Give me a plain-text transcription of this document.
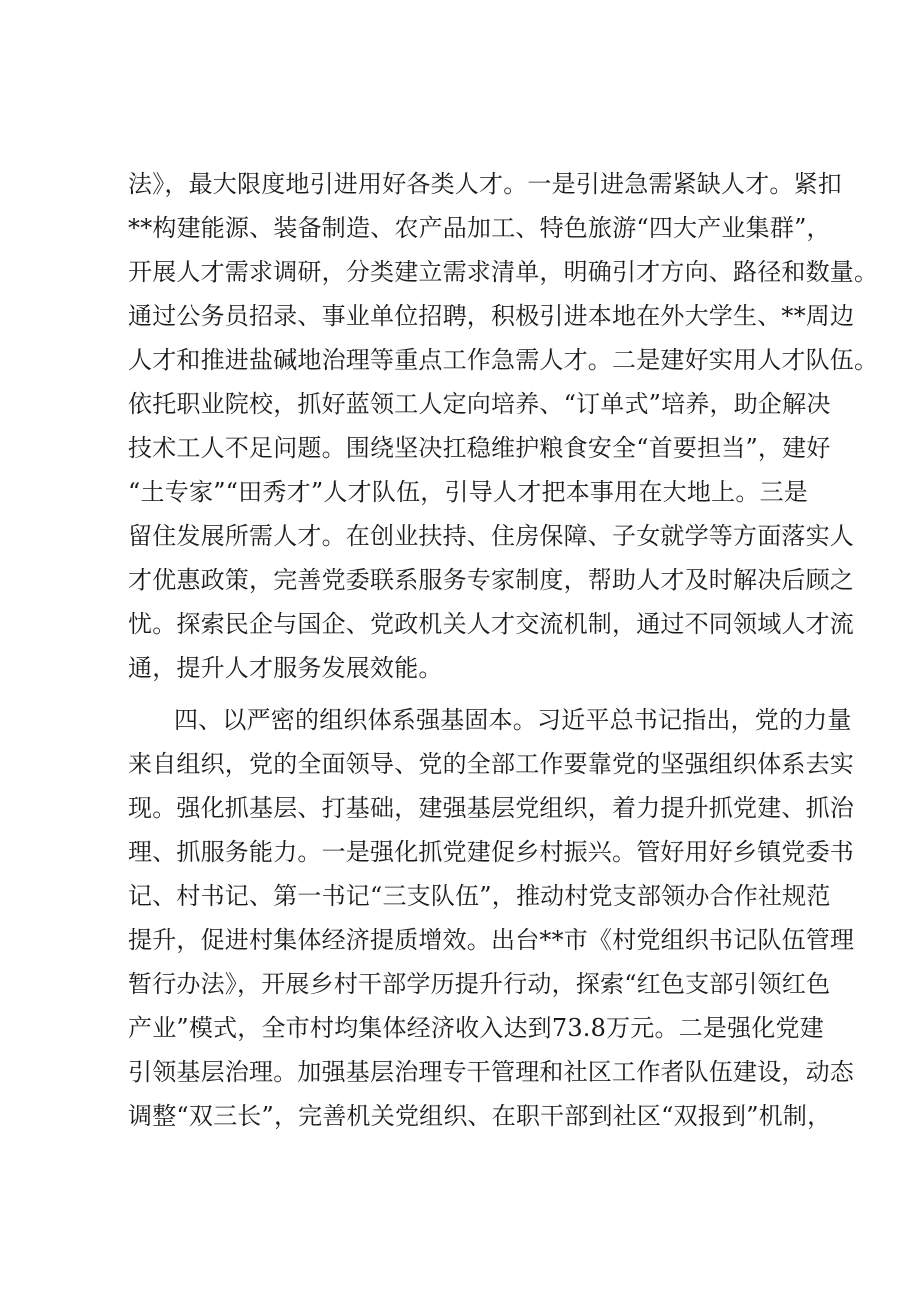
法》，最大限度地引进用好各类人才。一是引进急需紧缺人才。紧扣
**构建能源、装备制造、农产品加工、特色旅游“四大产业集群”，
开展人才需求调研，分类建立需求清单，明确引才方向、路径和数量。
通过公务员招录、事业单位招聘，积极引进本地在外大学生、**周边
人才和推进盐碱地治理等重点工作急需人才。二是建好实用人才队伍。
依托职业院校，抓好蓝领工人定向培养、“订单式”培养，助企解决
技术工人不足问题。围绕坚决扛稳维护粮食安全“首要担当”，建好
“土专家”“田秀才”人才队伍，引导人才把本事用在大地上。三是
留住发展所需人才。在创业扶持、住房保障、子女就学等方面落实人
才优惠政策，完善党委联系服务专家制度，帮助人才及时解决后顾之
忧。探索民企与国企、党政机关人才交流机制，通过不同领域人才流
通，提升人才服务发展效能。
四、以严密的组织体系强基固本。习近平总书记指出，党的力量
来自组织，党的全面领导、党的全部工作要靠党的坚强组织体系去实
现。强化抓基层、打基础，建强基层党组织，着力提升抓党建、抓治
理、抓服务能力。一是强化抓党建促乡村振兴。管好用好乡镇党委书
记、村书记、第一书记“三支队伍”，推动村党支部领办合作社规范
提升，促进村集体经济提质增效。出台**市《村党组织书记队伍管理
暂行办法》，开展乡村干部学历提升行动，探索“红色支部引领红色
产业”模式，全市村均集体经济收入达到73.8万元。二是强化党建
引领基层治理。加强基层治理专干管理和社区工作者队伍建设，动态
调整“双三长”，完善机关党组织、在职干部到社区“双报到”机制，
